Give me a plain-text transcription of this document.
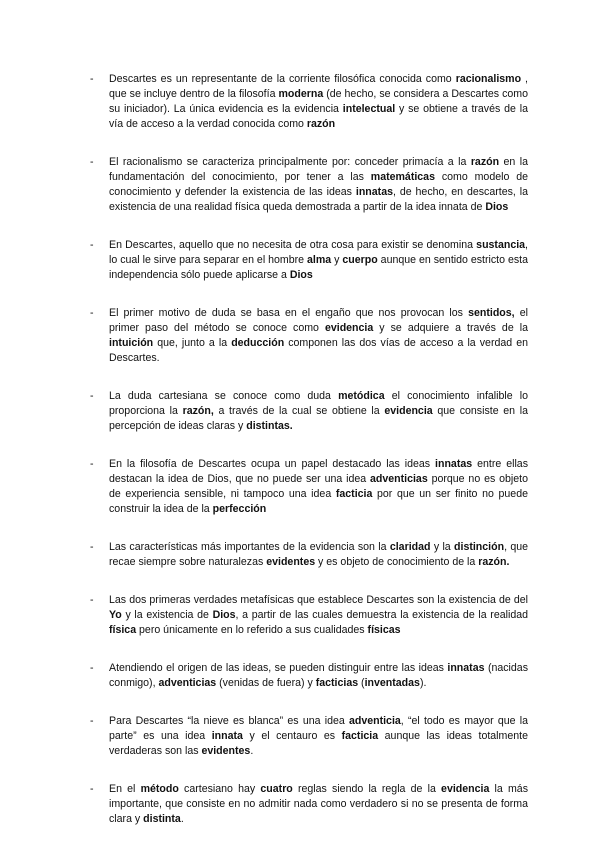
-	Descartes es un representante de la corriente filosófica conocida como racionalismo , que se incluye dentro de la filosofía moderna (de hecho, se considera a Descartes como su iniciador). La única evidencia es la evidencia intelectual y se obtiene a través de la vía de acceso a la verdad conocida como razón
-	El racionalismo se caracteriza principalmente por: conceder primacía a la razón en la fundamentación del conocimiento, por tener a las matemáticas como modelo de conocimiento y defender la existencia de las ideas innatas, de hecho, en descartes, la existencia de una realidad física queda demostrada a partir de la idea innata de Dios
-	En Descartes, aquello que no necesita de otra cosa para existir se denomina sustancia, lo cual le sirve para separar en el hombre alma y cuerpo aunque en sentido estricto esta independencia sólo puede aplicarse a Dios
-	El primer motivo de duda se basa en el engaño que nos provocan los sentidos, el primer paso del método se conoce como evidencia y se adquiere a través de la intuición que, junto a la deducción componen las dos vías de acceso a la verdad en Descartes.
-	La duda cartesiana se conoce como duda metódica el conocimiento infalible lo proporciona la razón, a través de la cual se obtiene la evidencia que consiste en la percepción de ideas claras y distintas.
-	En la filosofía de Descartes ocupa un papel destacado las ideas innatas entre ellas destacan la idea de Dios, que no puede ser una idea adventicias porque no es objeto de experiencia sensible, ni tampoco una idea facticia por que un ser finito no puede construir la idea de la perfección
-	Las características más importantes de la evidencia son la claridad y la distinción, que recae siempre sobre naturalezas evidentes y es objeto de conocimiento de la razón.
-	Las dos primeras verdades metafísicas que establece Descartes son la existencia de del Yo y la existencia de Dios, a partir de las cuales demuestra la existencia de la realidad física pero únicamente en lo referido a sus cualidades físicas
-	Atendiendo el origen de las ideas, se pueden distinguir entre las ideas innatas (nacidas conmigo), adventicias (venidas de fuera) y facticias (inventadas).
-	Para Descartes “la nieve es blanca” es una idea adventicia, “el todo es mayor que la parte” es una idea innata y el centauro es facticia aunque las ideas totalmente verdaderas son las evidentes.
-	En el método cartesiano hay cuatro reglas siendo la regla de la evidencia la más importante, que consiste en no admitir nada como verdadero si no se presenta de forma clara y distinta.
